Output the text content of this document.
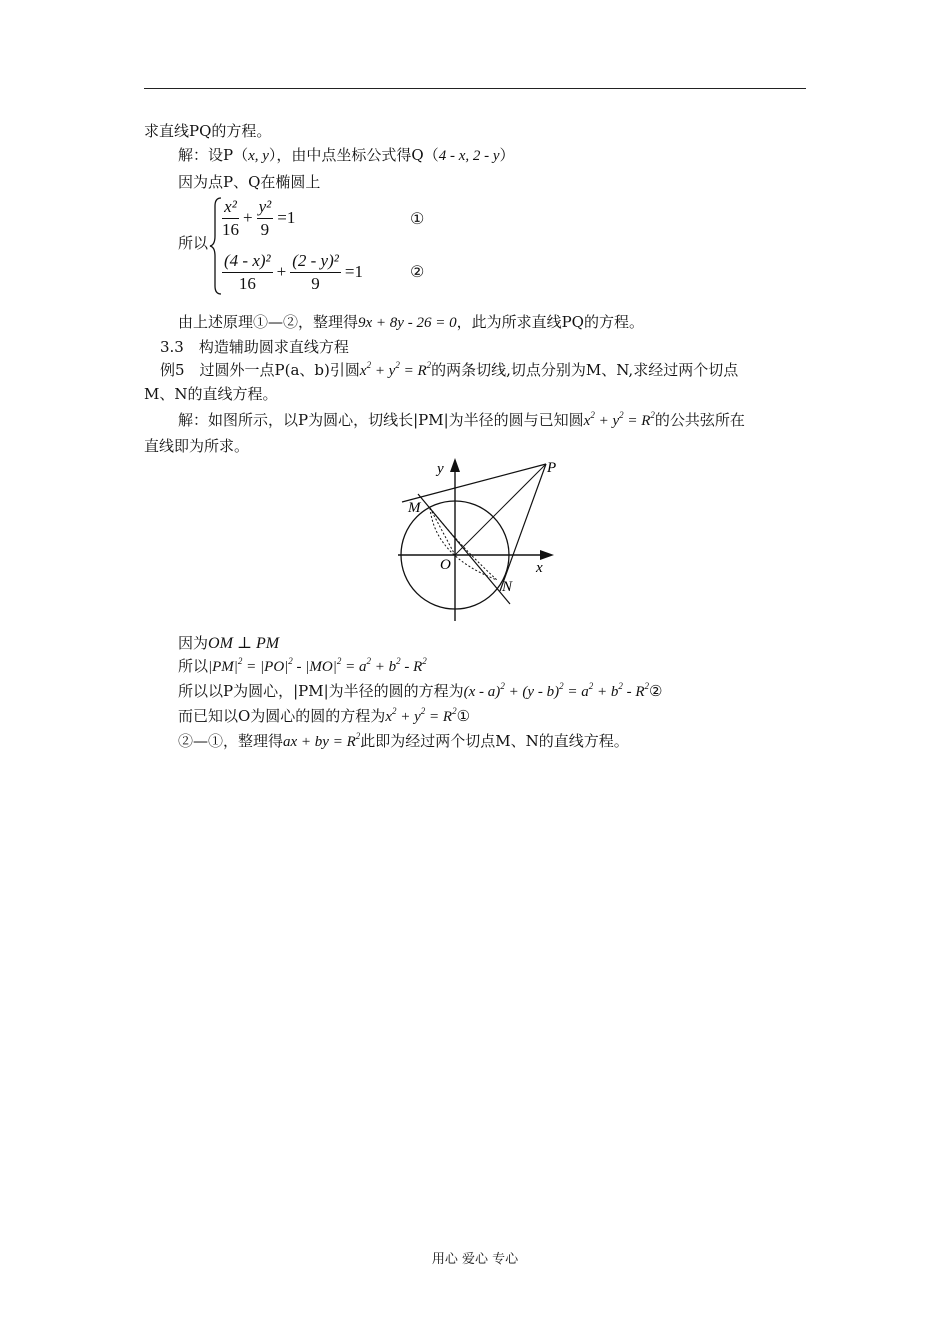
求直线PQ的方程。
解：设P（x, y），由中点坐标公式得Q（4 - x, 2 - y）
因为点P、Q在椭圆上
所以
$\frac{\text{x²}}{16} + \frac{\text{y²}}{9} =1$	①
$\frac{\text{(4 - x)²}}{16} + \frac{\text{(2 - y)²}}{9} =1$	②
由上述原理①—②，整理得9x + 8y - 26 = 0，此为所求直线PQ的方程。
3.3　构造辅助圆求直线方程
例5　过圆外一点P(a、b)引圆$x^2 + y^2 = R^2$的两条切线,切点分别为M、N,求经过两个切点
M、N的直线方程。
解：如图所示，以P为圆心，切线长|PM|为半径的圆与已知圆$x^2 + y^2 = R^2$的公共弦所在
直线即为所求。
y
x
P
M
O
N
因为OM ⊥ PM
所以$|PM|^2 = |PO|^2 - |MO|^2 = a^2 + b^2 - R^2$
所以以P为圆心，|PM|为半径的圆的方程为$(x - a)^2 + (y - b)^2 = a^2 + b^2$ - $R^2②$
而已知以O为圆心的圆的方程为$x^2 + y^2$ = $R^2①$
②—①，整理得ax + by = $R^2$此即为经过两个切点M、N的直线方程。
用心 爱心 专心
